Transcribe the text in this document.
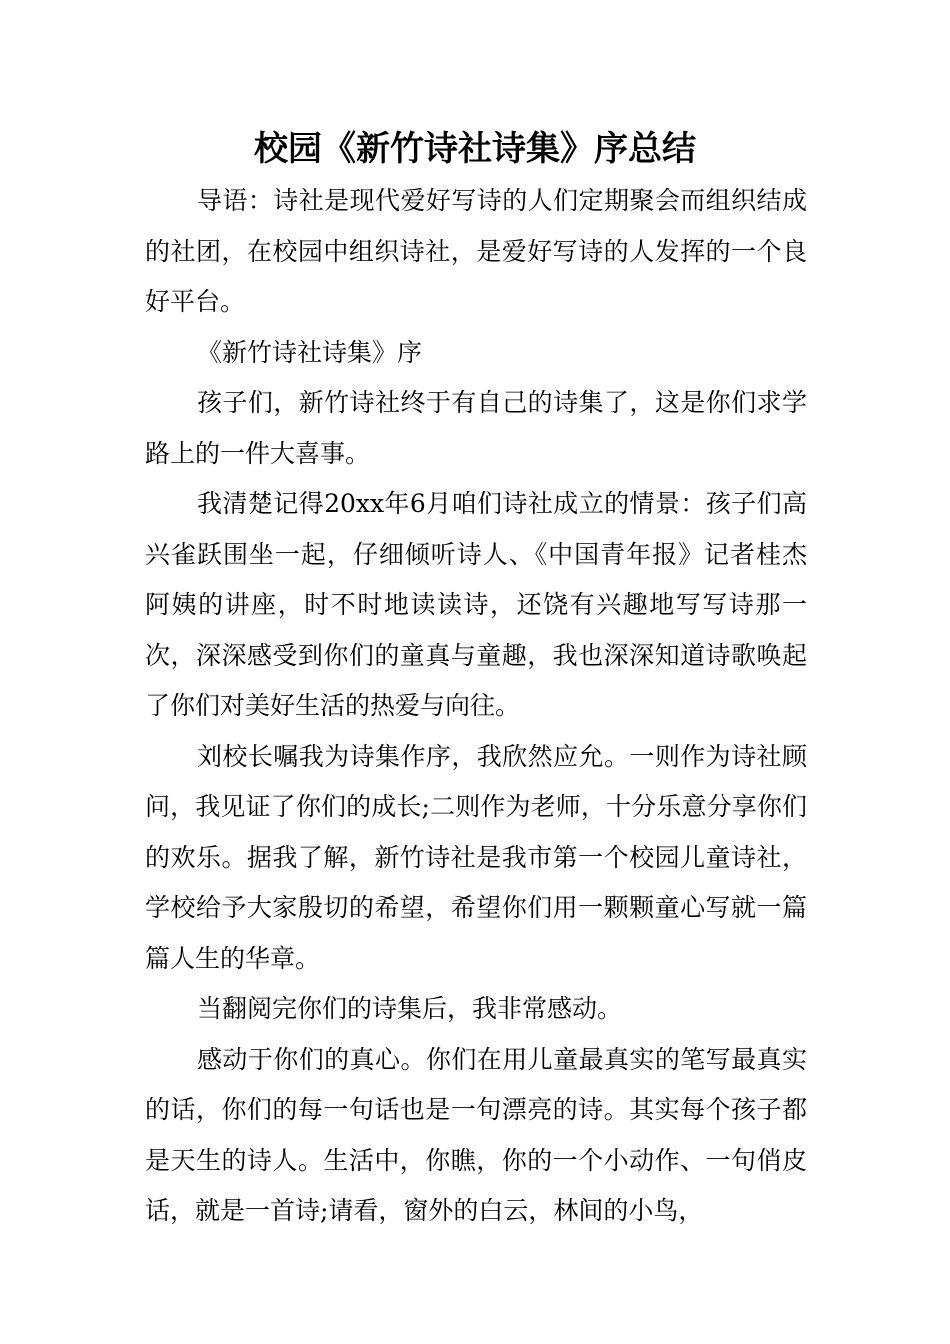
校园《新竹诗社诗集》序总结

导语：诗社是现代爱好写诗的人们定期聚会而组织结成的社团，在校园中组织诗社，是爱好写诗的人发挥的一个良好平台。

《新竹诗社诗集》序

孩子们，新竹诗社终于有自己的诗集了，这是你们求学路上的一件大喜事。

我清楚记得20xx年6月咱们诗社成立的情景：孩子们高兴雀跃围坐一起，仔细倾听诗人、《中国青年报》记者桂杰阿姨的讲座，时不时地读读诗，还饶有兴趣地写写诗那一次，深深感受到你们的童真与童趣，我也深深知道诗歌唤起了你们对美好生活的热爱与向往。

刘校长嘱我为诗集作序，我欣然应允。一则作为诗社顾问，我见证了你们的成长;二则作为老师，十分乐意分享你们的欢乐。据我了解，新竹诗社是我市第一个校园儿童诗社，学校给予大家殷切的希望，希望你们用一颗颗童心写就一篇篇人生的华章。

当翻阅完你们的诗集后，我非常感动。

感动于你们的真心。你们在用儿童最真实的笔写最真实的话，你们的每一句话也是一句漂亮的诗。其实每个孩子都是天生的诗人。生活中，你瞧，你的一个小动作、一句俏皮话，就是一首诗;请看，窗外的白云，林间的小鸟，
